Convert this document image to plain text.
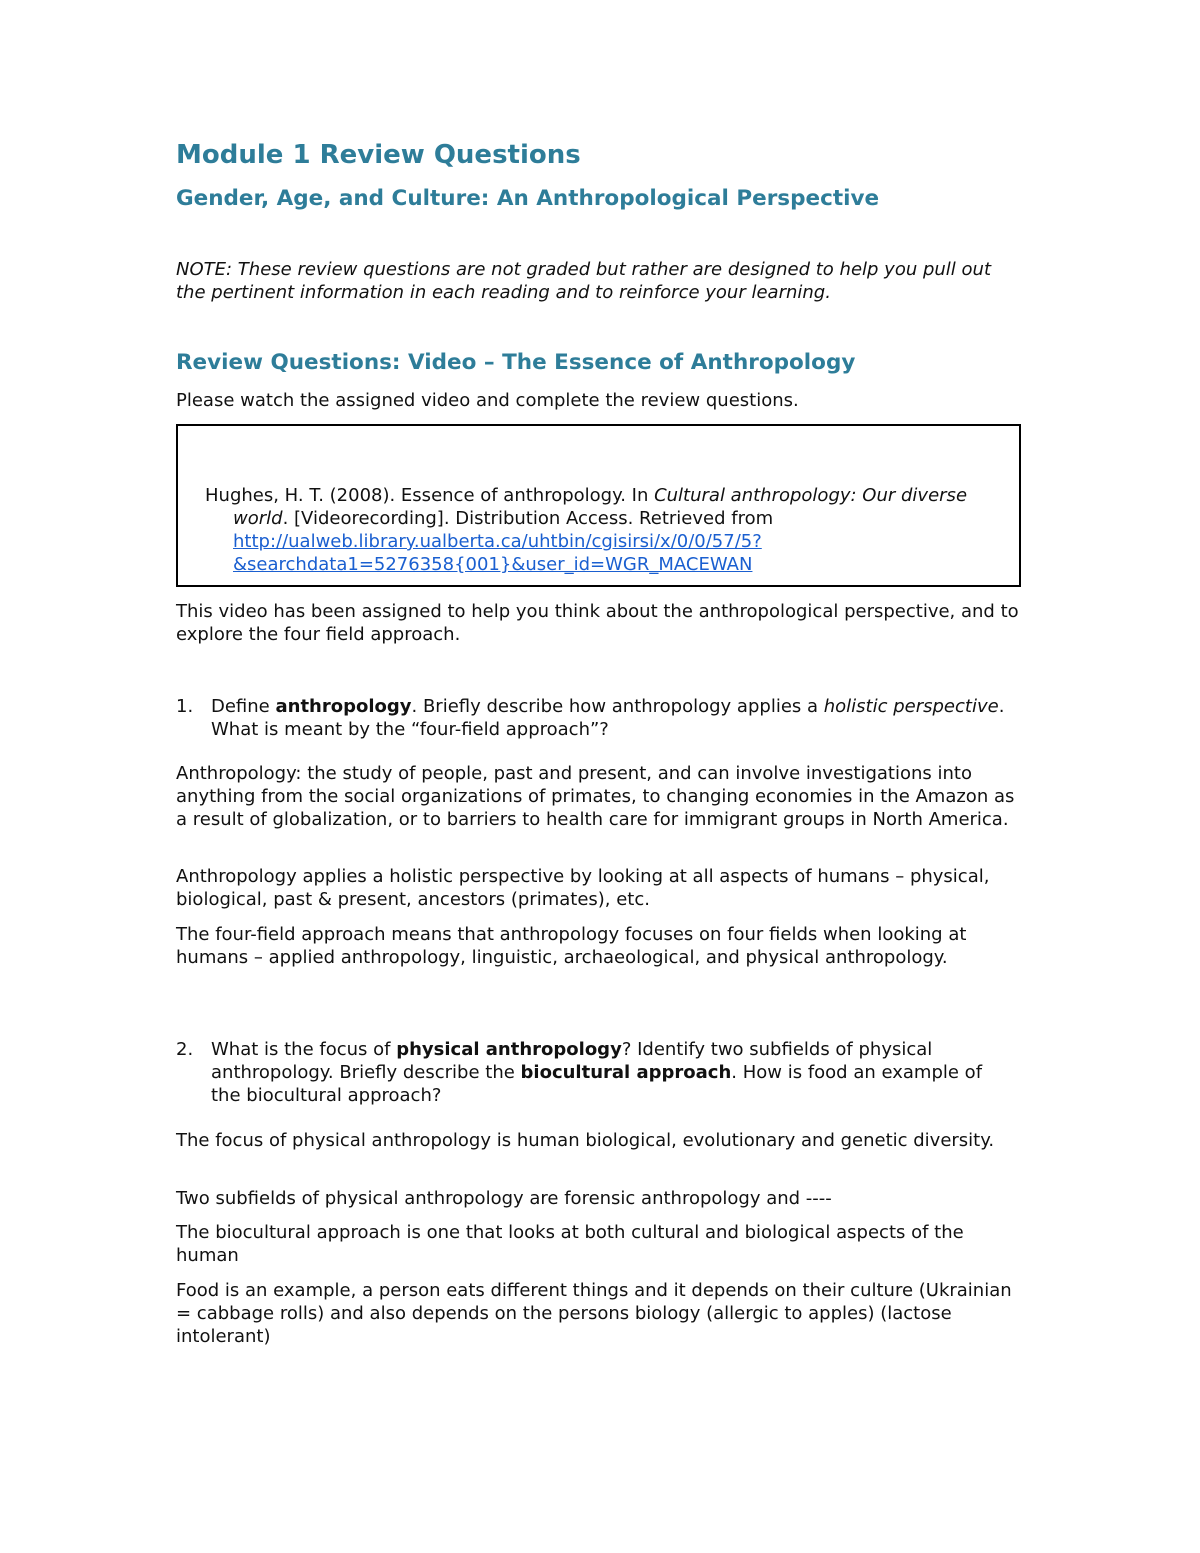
Module 1 Review Questions
Gender, Age, and Culture: An Anthropological Perspective

NOTE: These review questions are not graded but rather are designed to help you pull out the pertinent information in each reading and to reinforce your learning.

Review Questions: Video – The Essence of Anthropology

Please watch the assigned video and complete the review questions.

Hughes, H. T. (2008). Essence of anthropology. In Cultural anthropology: Our diverse world. [Videorecording]. Distribution Access. Retrieved from http://ualweb.library.ualberta.ca/uhtbin/cgisirsi/x/0/0/57/5?
&searchdata1=5276358{001}&user_id=WGR_MACEWAN

This video has been assigned to help you think about the anthropological perspective, and to explore the four field approach.

1. Define anthropology. Briefly describe how anthropology applies a holistic perspective. What is meant by the “four-field approach”?

Anthropology: the study of people, past and present, and can involve investigations into anything from the social organizations of primates, to changing economies in the Amazon as a result of globalization, or to barriers to health care for immigrant groups in North America.

Anthropology applies a holistic perspective by looking at all aspects of humans – physical, biological, past & present, ancestors (primates), etc.

The four-field approach means that anthropology focuses on four fields when looking at humans – applied anthropology, linguistic, archaeological, and physical anthropology.

2. What is the focus of physical anthropology? Identify two subfields of physical anthropology. Briefly describe the biocultural approach. How is food an example of the biocultural approach?

The focus of physical anthropology is human biological, evolutionary and genetic diversity.

Two subfields of physical anthropology are forensic anthropology and ----

The biocultural approach is one that looks at both cultural and biological aspects of the human

Food is an example, a person eats different things and it depends on their culture (Ukrainian = cabbage rolls) and also depends on the persons biology (allergic to apples) (lactose intolerant)
